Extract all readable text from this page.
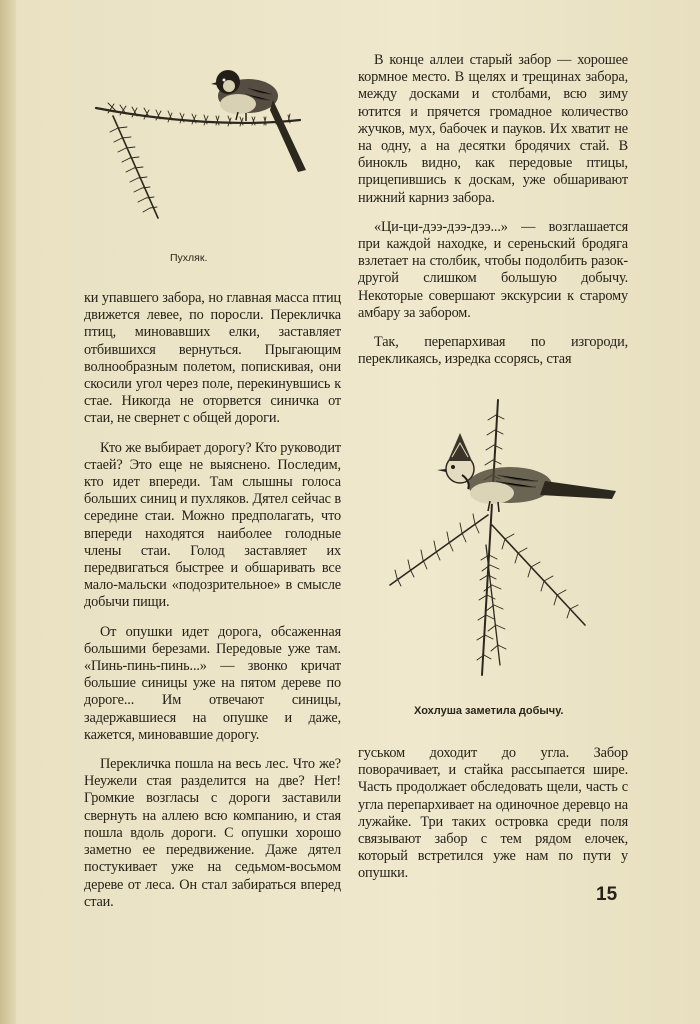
Пухляк.

ки упавшего забора, но главная масса птиц движется левее, по поросли. Перекличка птиц, миновавших елки, заставляет отбившихся вернуться. Прыгающим волнообразным полетом, попискивая, они скосили угол через поле, перекинувшись к стае. Никогда не оторвется синичка от стаи, не свернет с общей дороги.

Кто же выбирает дорогу? Кто руководит стаей? Это еще не выяснено. Последим, кто идет впереди. Там слышны голоса больших синиц и пухляков. Дятел сейчас в середине стаи. Можно предполагать, что впереди находятся наиболее голодные члены стаи. Голод заставляет их передвигаться быстрее и обшаривать все мало-мальски «подозрительное» в смысле добычи пищи.

От опушки идет дорога, обсаженная большими березами. Передовые уже там. «Пинь-пинь-пинь...» — звонко кричат большие синицы уже на пятом дереве по дороге... Им отвечают синицы, задержавшиеся на опушке и даже, кажется, миновавшие дорогу.

Перекличка пошла на весь лес. Что же? Неужели стая разделится на две? Нет! Громкие возгласы с дороги заставили свернуть на аллею всю компанию, и стая пошла вдоль дороги. С опушки хорошо заметно ее передвижение. Даже дятел постукивает уже на седьмом-восьмом дереве от леса. Он стал забираться вперед стаи.

В конце аллеи старый забор — хорошее кормное место. В щелях и трещинах забора, между досками и столбами, всю зиму ютится и прячется громадное количество жучков, мух, бабочек и пауков. Их хватит не на одну, а на десятки бродячих стай. В бинокль видно, как передовые птицы, прицепившись к доскам, уже обшаривают нижний карниз забора.

«Ци-ци-дээ-дээ-дээ...» — возглашается при каждой находке, и сереньский бродяга взлетает на столбик, чтобы подолбить разок-другой слишком большую добычу. Некоторые совершают экскурсии к старому амбару за забором.

Так, перепархивая по изгороди, перекликаясь, изредка ссорясь, стая

Хохлуша заметила добычу.

гуськом доходит до угла. Забор поворачивает, и стайка рассыпается шире. Часть продолжает обследовать щели, часть с угла перепархивает на одиночное деревцо на лужайке. Три таких островка среди поля связывают забор с тем рядом елочек, который встретился уже нам по пути у опушки.

15
